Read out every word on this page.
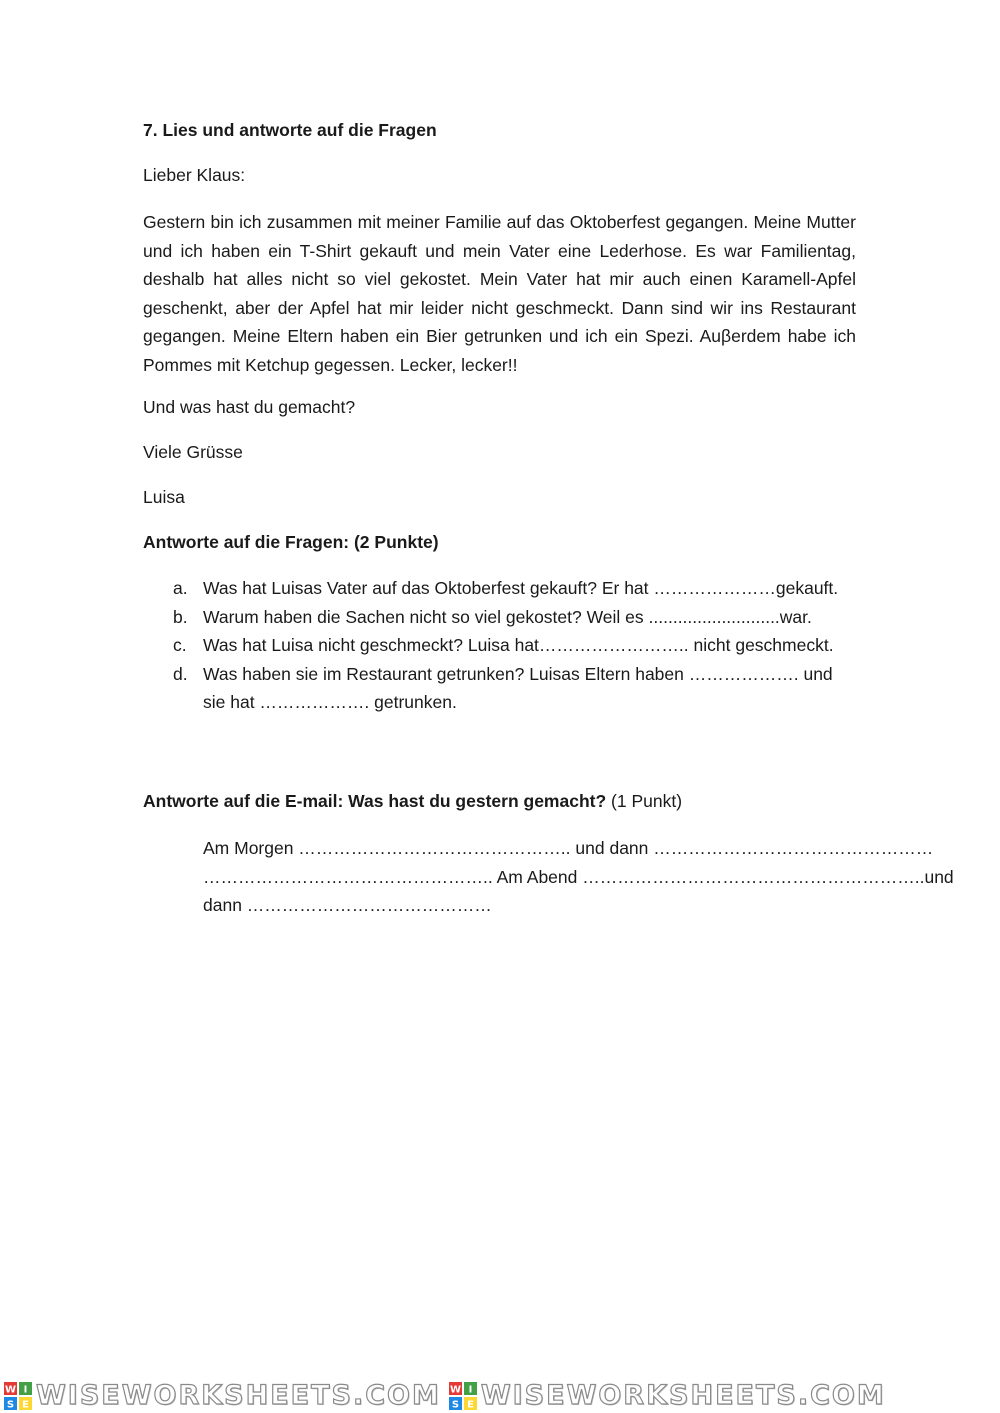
7. Lies und antworte auf die Fragen
Lieber Klaus:

Gestern bin ich zusammen mit meiner Familie auf das Oktoberfest gegangen. Meine Mutter und ich haben ein T-Shirt gekauft und mein Vater eine Lederhose. Es war Familientag, deshalb hat alles nicht so viel gekostet. Mein Vater hat mir auch einen Karamell-Apfel geschenkt, aber der Apfel hat mir leider nicht geschmeckt. Dann sind wir ins Restaurant gegangen. Meine Eltern haben ein Bier getrunken und ich ein Spezi. Auβerdem habe ich Pommes mit Ketchup gegessen. Lecker, lecker!!

Und was hast du gemacht?
Viele Grüsse
Luisa
Antworte auf die Fragen: (2 Punkte)
a. Was hat Luisas Vater auf das Oktoberfest gekauft? Er hat …………………gekauft.
b. Warum haben die Sachen nicht so viel gekostet? Weil es ...........................war.
c. Was hat Luisa nicht geschmeckt? Luisa hat…………………….. nicht geschmeckt.
d. Was haben sie im Restaurant getrunken? Luisas Eltern haben ………………. und sie hat ………………. getrunken.
Antworte auf die E-mail: Was hast du gestern gemacht? (1 Punkt)
Am Morgen ……………………………………….. und dann …………………………………………
………………………………………….. Am Abend …………………………………………………..und
dann ……………………………………
W I
S E WISEWORKSHEETS.COM W I
S E WISEWORKSHEETS.COM
